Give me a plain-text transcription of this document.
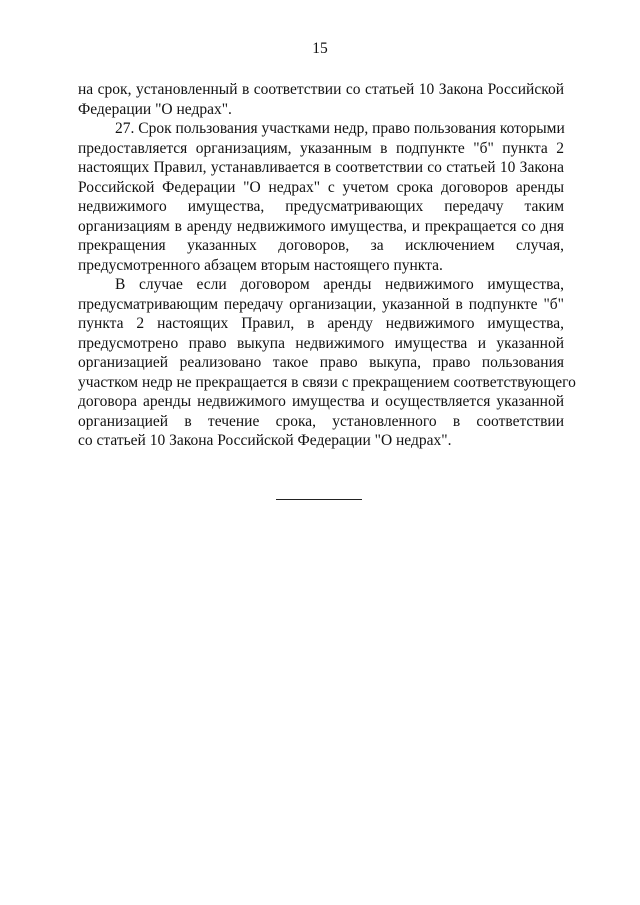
15
на срок, установленный в соответствии со статьей 10 Закона Российской
Федерации "О недрах".
27. Срок пользования участками недр, право пользования которыми
предоставляется организациям, указанным в подпункте "б" пункта 2
настоящих Правил, устанавливается в соответствии со статьей 10 Закона
Российской Федерации "О недрах" с учетом срока договоров аренды
недвижимого имущества, предусматривающих передачу таким
организациям в аренду недвижимого имущества, и прекращается со дня
прекращения указанных договоров, за исключением случая,
предусмотренного абзацем вторым настоящего пункта.
В случае если договором аренды недвижимого имущества,
предусматривающим передачу организации, указанной в подпункте "б"
пункта 2 настоящих Правил, в аренду недвижимого имущества,
предусмотрено право выкупа недвижимого имущества и указанной
организацией реализовано такое право выкупа, право пользования
участком недр не прекращается в связи с прекращением соответствующего
договора аренды недвижимого имущества и осуществляется указанной
организацией в течение срока, установленного в соответствии
со статьей 10 Закона Российской Федерации "О недрах".
